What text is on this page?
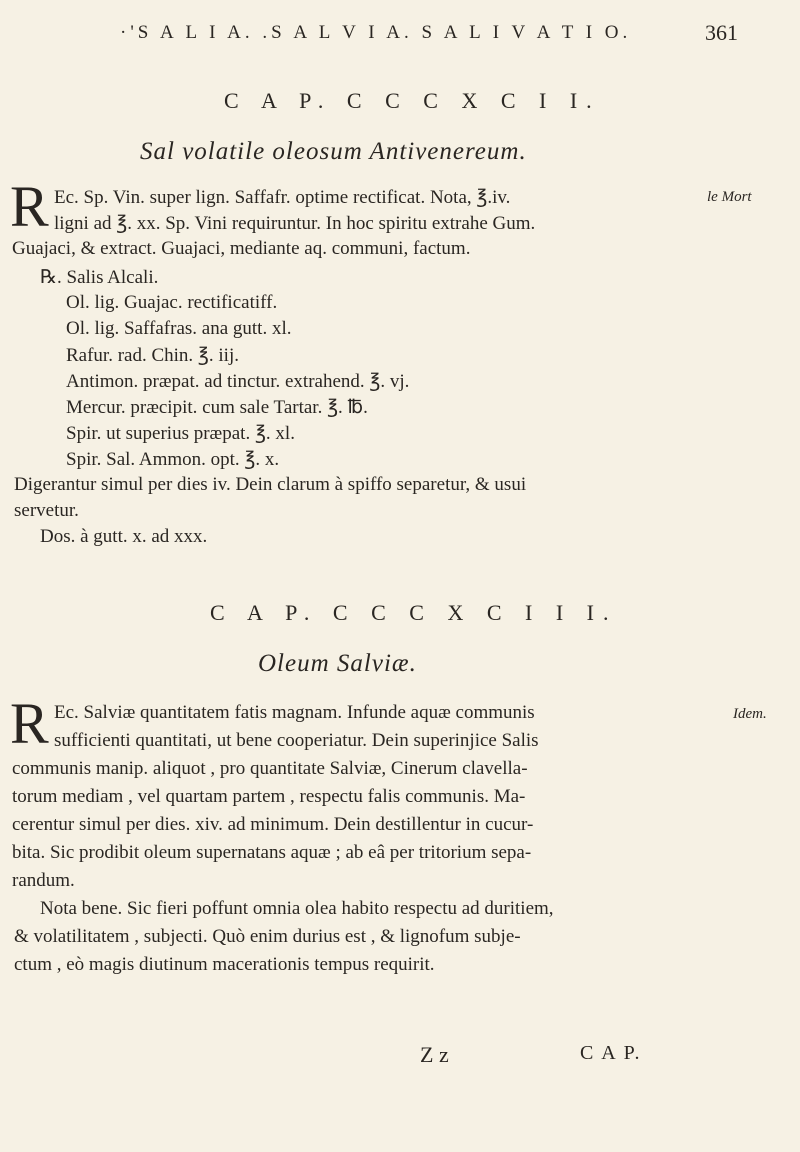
·'S A L I A. .S A L V I A. S A L I V A T I O.	361
C A P. C C C X C I I.
Sal volatile oleosum Antivenereum.
R	le Mort
Ec. Sp. Vin. super lign. Saffafr. optime rectificat. Nota, ℥.iv.
ligni ad ℥. xx. Sp. Vini requiruntur. In hoc spiritu extrahe Gum.
Guajaci, & extract. Guajaci, mediante aq. communi, factum.
℞. Salis Alcali.
Ol. lig. Guajac. rectificatiff.
Ol. lig. Saffafras. ana gutt. xl.
Rafur. rad. Chin. ℥. iij.
Antimon. præpat. ad tinctur. extrahend. ℥. vj.
Mercur. præcipit. cum sale Tartar. ℥. ℔.
Spir. ut superius præpat. ℥. xl.
Spir. Sal. Ammon. opt. ℥. x.
Digerantur simul per dies iv. Dein clarum à spiffo separetur, & usui
servetur.
Dos. à gutt. x. ad xxx.
C A P. C C C X C I I I.
Oleum Salviæ.
R	Idem.
Ec. Salviæ quantitatem fatis magnam. Infunde aquæ communis
sufficienti quantitati, ut bene cooperiatur. Dein superinjice Salis
communis manip. aliquot , pro quantitate Salviæ, Cinerum clavella-
torum mediam , vel quartam partem , respectu falis communis. Ma-
cerentur simul per dies. xiv. ad minimum. Dein destillentur in cucur-
bita. Sic prodibit oleum supernatans aquæ ; ab eâ per tritorium sepa-
randum.
Nota bene. Sic fieri poffunt omnia olea habito respectu ad duritiem,
& volatilitatem , subjecti. Quò enim durius est , & lignofum subje-
ctum , eò magis diutinum macerationis tempus requirit.
Z z	C A P.
